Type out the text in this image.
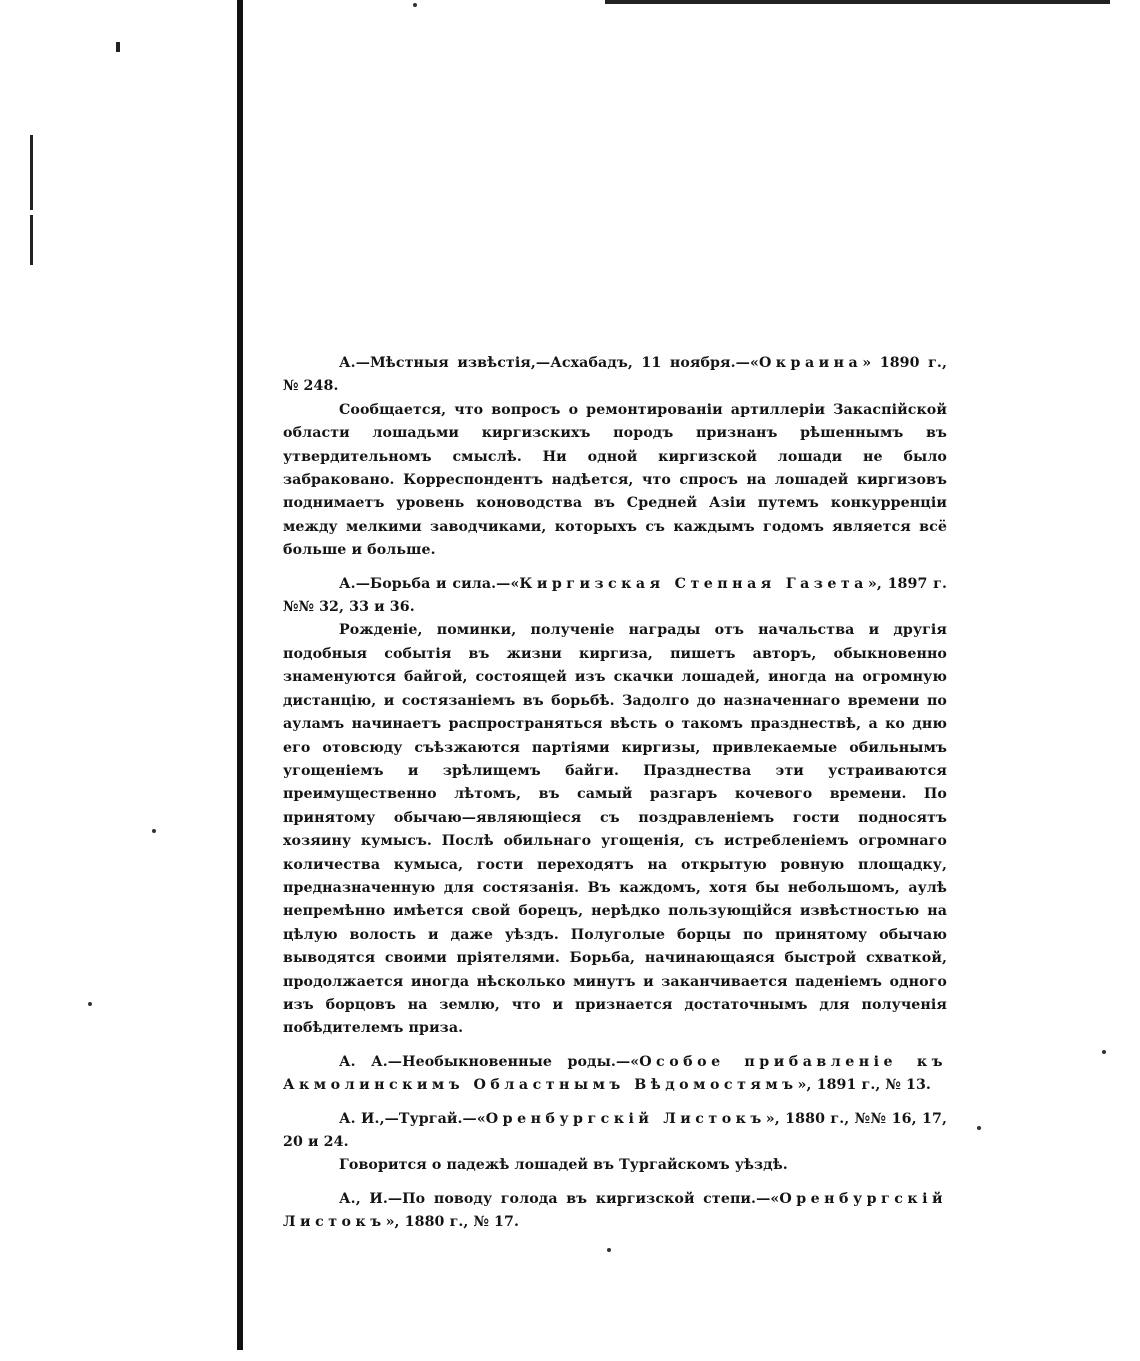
А.—Мѣстныя извѣстія,—Асхабадъ, 11 ноября.—«Окраина» 1890 г., № 248.

Сообщается, что вопросъ о ремонтированіи артиллеріи Закаспійской области лошадьми киргизскихъ породъ признанъ рѣшеннымъ въ утвердительномъ смыслѣ. Ни одной киргизской лошади не было забраковано. Корреспондентъ надѣется, что спросъ на лошадей киргизовъ поднимаетъ уровень коноводства въ Средней Азіи путемъ конкурренціи между мелкими заводчиками, которыхъ съ каждымъ годомъ является всё больше и больше.

А.—Борьба и сила.—«Киргизская Степная Газета», 1897 г. №№ 32, 33 и 36.

Рожденіе, поминки, полученіе награды отъ начальства и другія подобныя событія въ жизни киргиза, пишетъ авторъ, обыкновенно знаменуются байгой, состоящей изъ скачки лошадей, иногда на огромную дистанцію, и состязаніемъ въ борьбѣ. Задолго до назначеннаго времени по ауламъ начинаетъ распространяться вѣсть о такомъ празднествѣ, а ко дню его отовсюду съѣзжаются партіями киргизы, привлекаемые обильнымъ угощеніемъ и зрѣлищемъ байги. Празднества эти устраиваются преимущественно лѣтомъ, въ самый разгаръ кочевого времени. По принятому обычаю—являющіеся съ поздравленіемъ гости подносятъ хозяину кумысъ. Послѣ обильнаго угощенія, съ истребленіемъ огромнаго количества кумыса, гости переходятъ на открытую ровную площадку, предназначенную для состязанія. Въ каждомъ, хотя бы небольшомъ, аулѣ непремѣнно имѣется свой борецъ, нерѣдко пользующійся извѣстностью на цѣлую волость и даже уѣздъ. Полуголые борцы по принятому обычаю выводятся своими пріятелями. Борьба, начинающаяся быстрой схваткой, продолжается иногда нѣсколько минутъ и заканчивается паденіемъ одного изъ борцовъ на землю, что и признается достаточнымъ для полученія побѣдителемъ приза.

А. А.—Необыкновенные роды.—«Особое прибавленіе къ Акмолинскимъ Областнымъ Вѣдомостямъ», 1891 г., № 13.

А. И.,—Тургай.—«Оренбургскій Листокъ», 1880 г., №№ 16, 17, 20 и 24.

Говорится о падежѣ лошадей въ Тургайскомъ уѣздѣ.

А., И.—По поводу голода въ киргизской степи.—«Оренбургскій Листокъ», 1880 г., № 17.
